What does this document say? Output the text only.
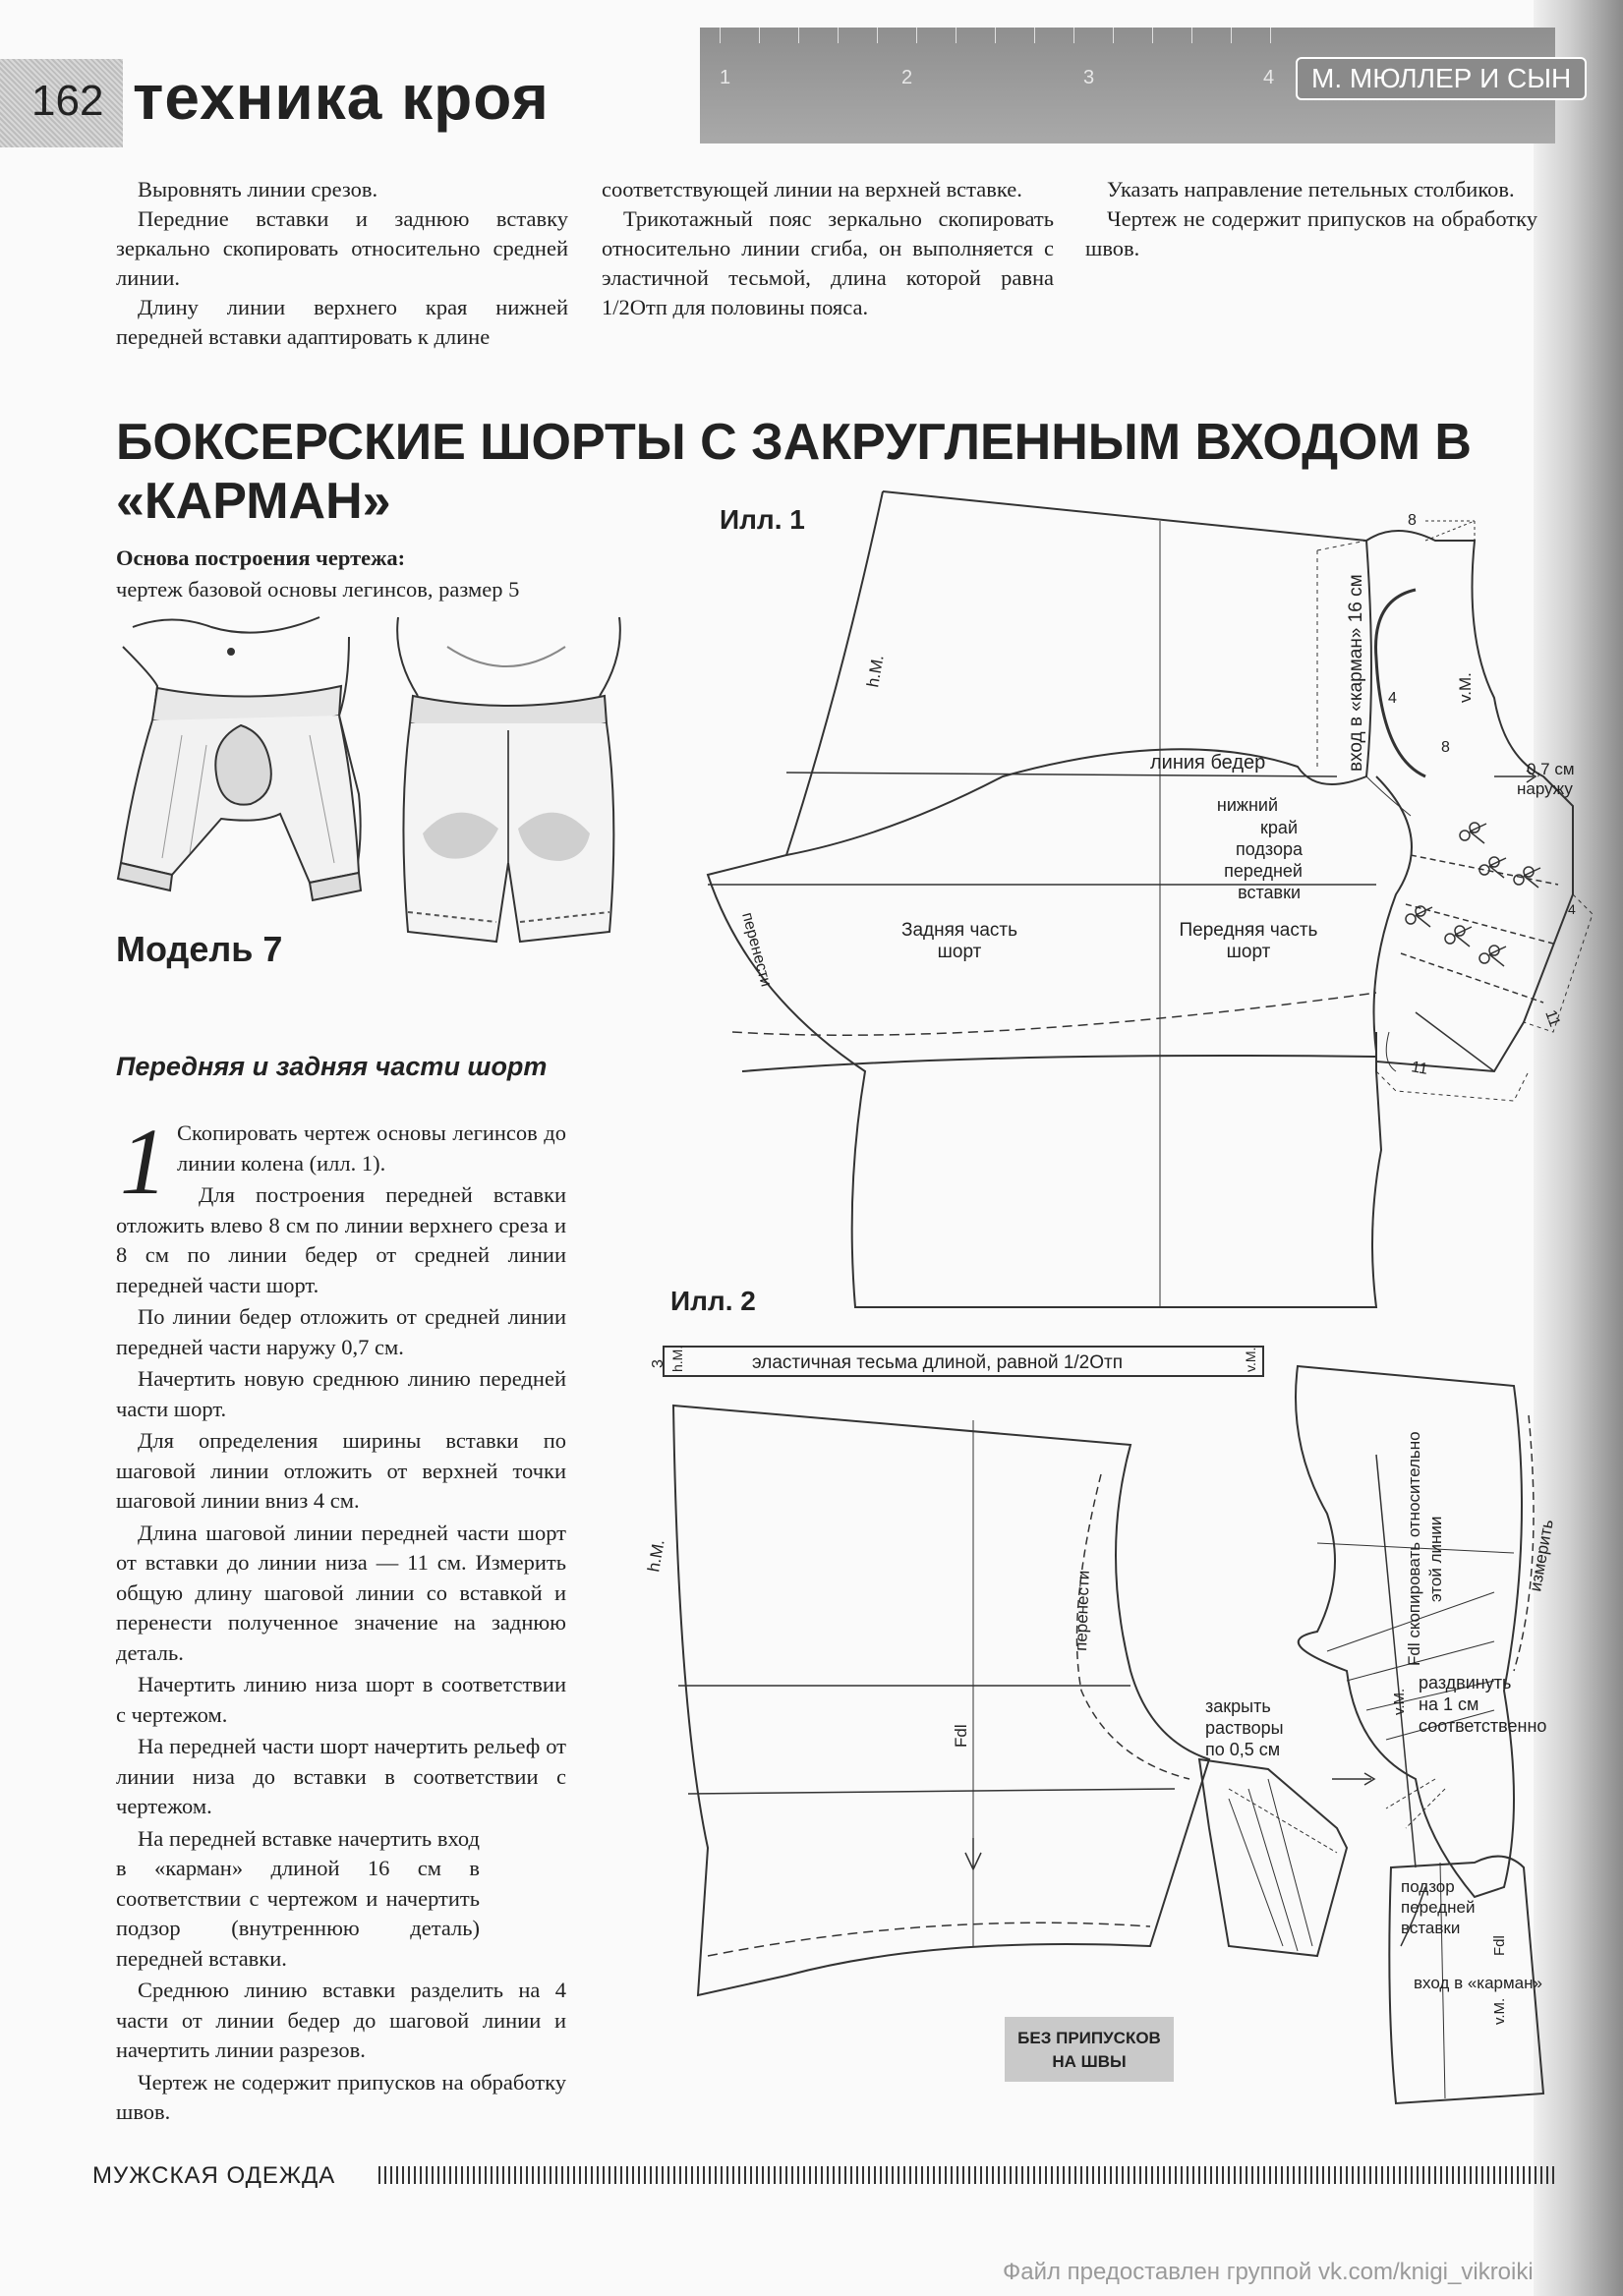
162 техника кроя	1	2	3	4	М. МЮЛЛЕР И СЫН

Выровнять линии срезов.

Передние вставки и заднюю вставку зеркально скопировать относительно средней линии.

Длину линии верхнего края нижней передней вставки адаптировать к длине

соответствующей линии на верхней вставке.

Трикотажный пояс зеркально скопировать относительно линии сгиба, он выполняется с эластичной тесьмой, длина которой равна 1/2Отп для половины пояса.

Указать направление петельных столбиков.

Чертеж не содержит припусков на обработку швов.

БОКСЕРСКИЕ ШОРТЫ С ЗАКРУГЛЕННЫМ ВХОДОМ В «КАРМАН»
Основа построения чертежа:
чертеж базовой основы легинсов, размер 5
Модель 7
Передняя и задняя части шорт

1 Скопировать чертеж основы легинсов до линии колена (илл. 1).

Для построения передней вставки отложить влево 8 см по линии верхнего среза и 8 см по линии бедер от средней линии передней части шорт.

По линии бедер отложить от средней линии передней части наружу 0,7 см.

Начертить новую среднюю линию передней части шорт.

Для определения ширины вставки по шаговой линии отложить от верхней точки шаговой линии вниз 4 см.

Длина шаговой линии передней части шорт от вставки до линии низа — 11 см. Измерить общую длину шаговой линии со вставкой и перенести полученное значение на заднюю деталь.

Начертить линию низа шорт в соответствии с чертежом.

На передней части шорт начертить рельеф от линии низа до вставки в соответствии с чертежом.

На передней вставке начертить вход в «карман» длиной 16 см в соответствии с чертежом и начертить подзор (внутреннюю деталь) передней вставки.

Среднюю линию вставки разделить на 4 части от линии бедер до шаговой линии и начертить линии разрезов.

Чертеж не содержит припусков на обработку швов.

Илл. 1
линия бедер
h.M.	v.M.
вход в «карман» 16 см
8
8
4
4
11
11
0,7 см
наружу
нижний
край
подзора
передней
вставки
Задняя часть
шорт
Передняя часть
шорт
перенести
Илл. 2
эластичная тесьма длиной, равной 1/2Отп
3 h.M.	v.M.
h.M.
Fdl
перенести
закрыть
растворы
по 0,5 см
Fdl скопировать относительно этой линии
v.M.
измерить
раздвинуть
на 1 см
соответственно
подзор
передней
вставки
Fdl
v.M.
вход в «карман»
БЕЗ ПРИПУСКОВ
НА ШВЫ
МУЖСКАЯ ОДЕЖДА
Файл предоставлен группой vk.com/knigi_vikroiki
